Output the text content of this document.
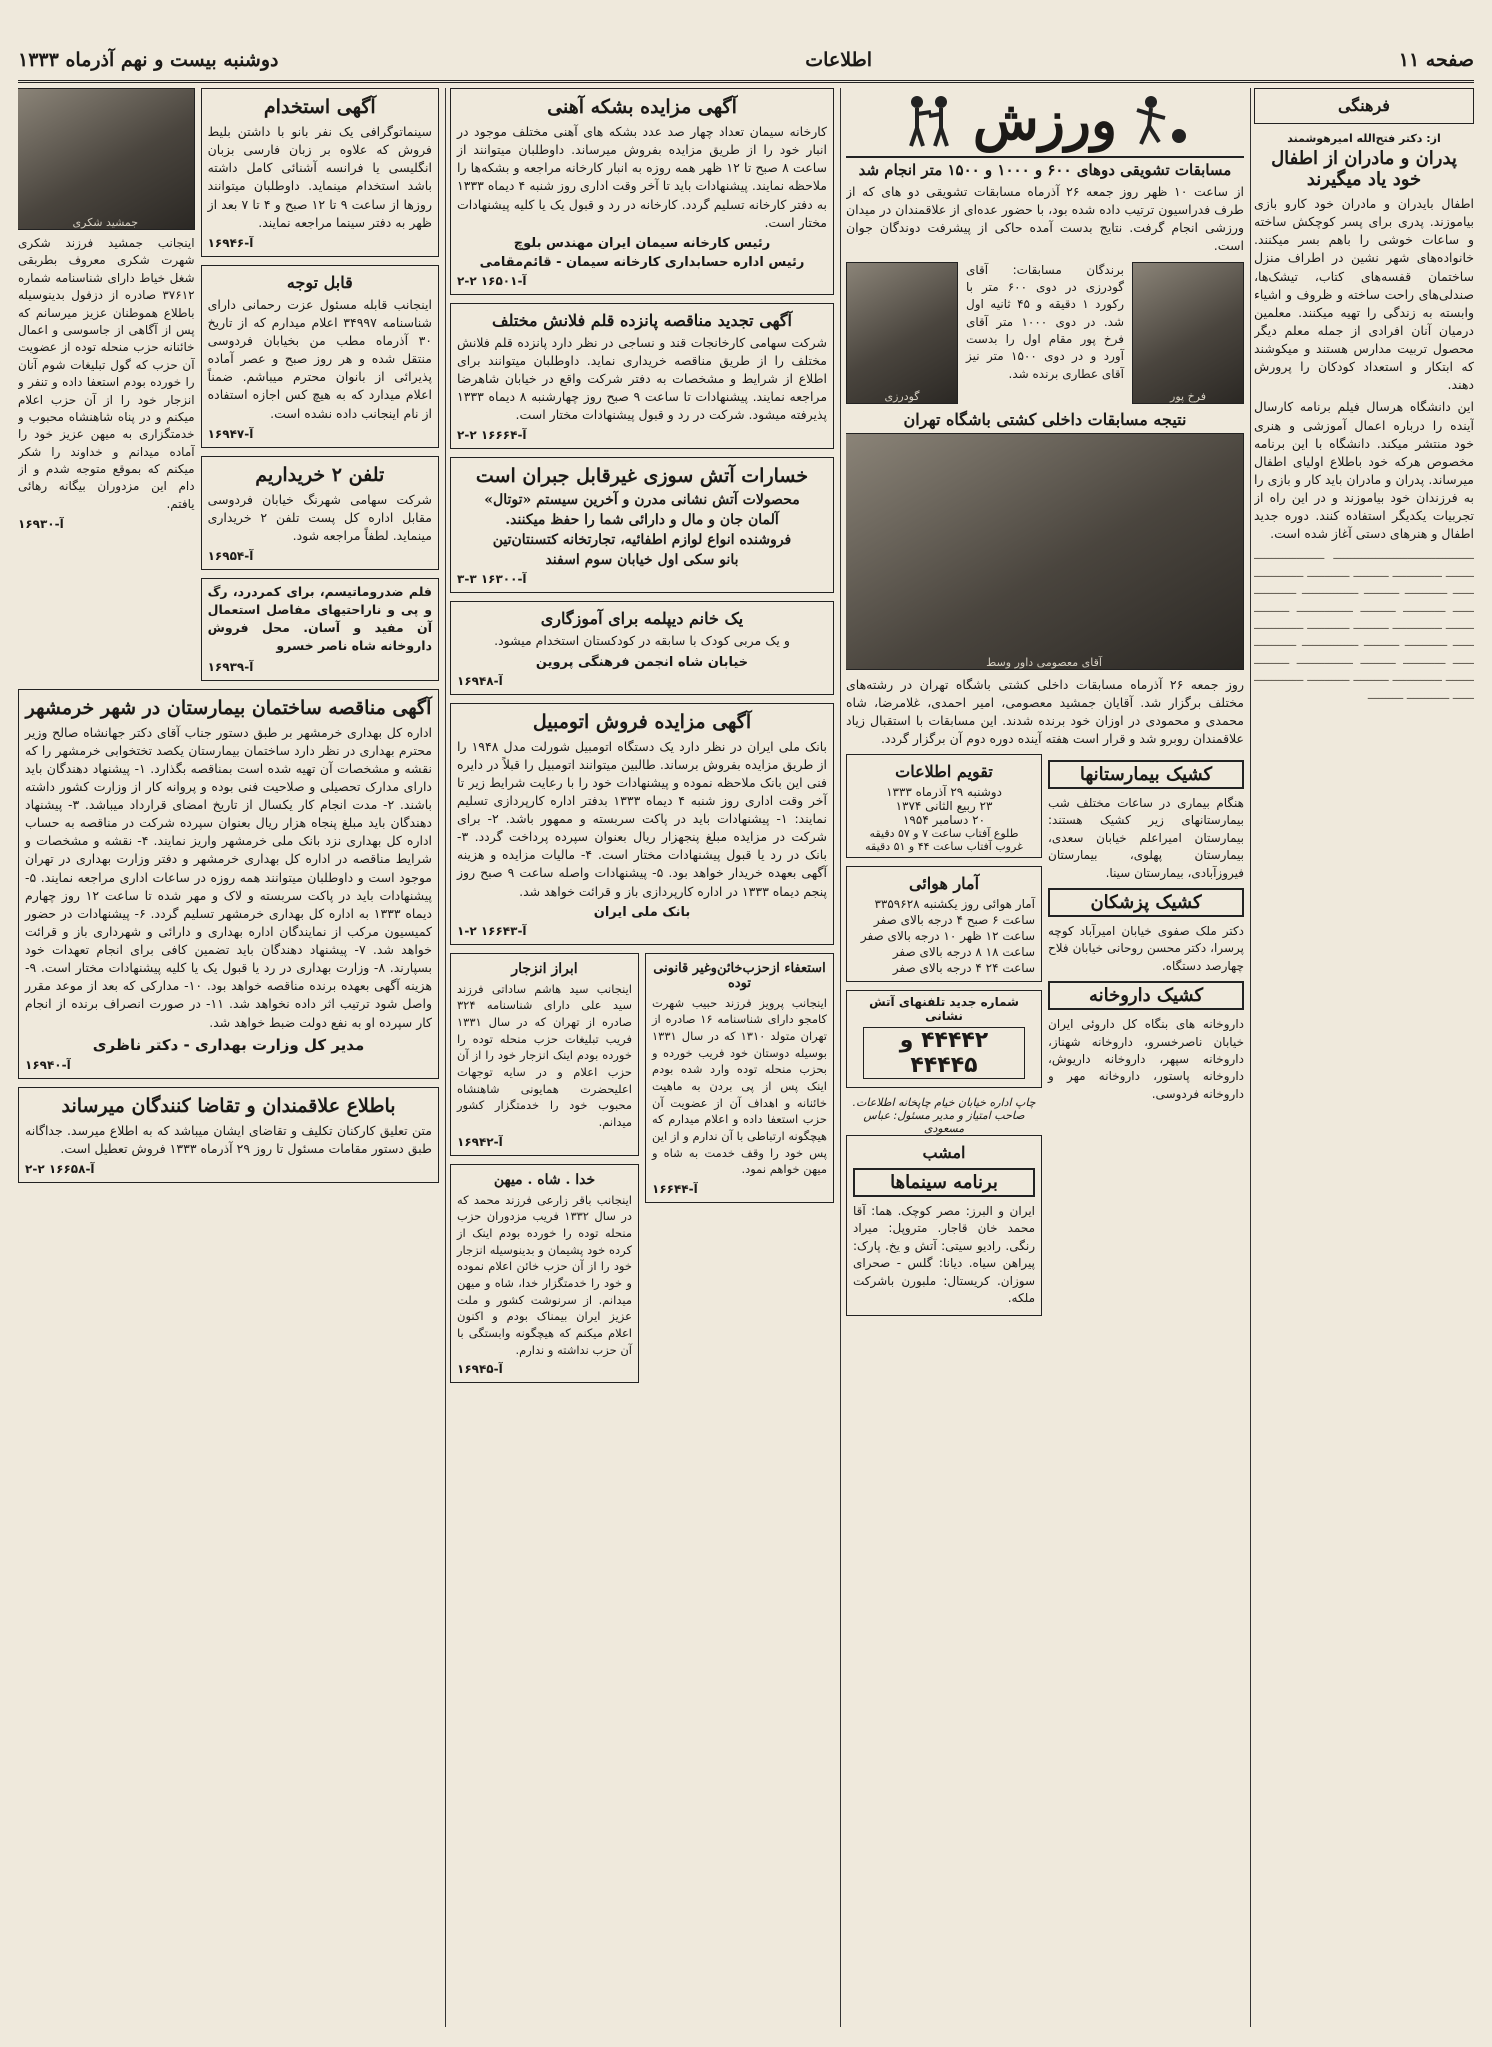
صفحه ۱۱
اطلاعات
دوشنبه بیست و نهم آذرماه ۱۳۳۳
فرهنگی
از: دکتر فتح‌الله امیرهوشمند
پدران و مادران از اطفال خود یاد میگیرند

اطفال بایدران و مادران خود کارو بازی بیاموزند. پدری برای پسر کوچکش ساخته و ساعات خوشی را باهم بسر میکنند. خانواده‌های شهر نشین در اطراف منزل ساختمان قفسه‌های کتاب، تیشک‌ها، صندلی‌های راحت ساخته و ظروف و اشیاء وابسته به زندگی را تهیه میکنند. معلمین درمیان آنان افرادی از جمله معلم دیگر محصول تربیت مدارس هستند و میکوشند که ابتکار و استعداد کودکان را پرورش دهند.

این دانشگاه هرسال فیلم برنامه کارسال آینده را درباره‌ اعمال آموزشی و هنری خود منتشر میکند. دانشگاه با این برنامه مخصوص هرکه خود باطلاع اولیای اطفال میرساند. پدران و مادران باید کار و بازی را به فرزندان خود بیاموزند و در این راه از تجربیات یکدیگر استفاده کنند. دوره جدید اطفال و هنرهای دستی آغاز شده است.

ــــــــــــــــــــــــــــــــــــــــ ــــــــــــــــــــ ــــــــ ــــــــــــــ ــــــــــ ــــــــــــ ــــــــــــــ ــــــ ــــــــــــ ــــــــــ ــــــــــــــــ ــــــــــــ ــــــ ــــــــــــ ــــــــــ ــــــــــــــــ ــــــــــ ــــــــ ــــــــــــــ ــــــــــ ــــــــــــ ــــــــــــــ ــــــ ــــــــــــ ــــــــــ ــــــــــــــــ ــــــــــــ ــــــ ــــــــــــ ــــــــــ ــــــــــــــــ ــــــــــ ــــــــ ــــــــــــــ ــــــــــ ــــــــــــ ــــــــــــــ ــــــ ــــــــــــ ــــــــــ
ورزش
مسابقات تشویقی دوهای ۶۰۰ و ۱۰۰۰ و ۱۵۰۰ متر انجام شد

از ساعت ۱۰ ظهر روز جمعه ۲۶ آذرماه مسابقات تشویقی دو های که از طرف فدراسیون ترتیب داده شده بود، با حضور عده‌ای از علاقمندان در میدان ورزشی انجام گرفت. نتایج بدست آمده حاکی از پیشرفت دوندگان جوان است.

فرخ پور

برندگان مسابقات: آقای گودرزی در دوی ۶۰۰ متر با رکورد ۱ دقیقه و ۴۵ ثانیه اول شد. در دوی ۱۰۰۰ متر آقای فرخ پور مقام اول را بدست آورد و در دوی ۱۵۰۰ متر نیز آقای عطاری برنده شد.

گودرزی
نتیجه مسابقات داخلی کشتی باشگاه تهران
آقای معصومی داور وسط

روز جمعه ۲۶ آذرماه مسابقات داخلی کشتی باشگاه تهران در رشته‌های مختلف برگزار شد. آقایان جمشید معصومی، امیر احمدی، غلامرضا، شاه محمدی و محمودی در اوزان خود برنده شدند. این مسابقات با استقبال زیاد علاقمندان روبرو شد و قرار است هفته آینده دوره دوم آن برگزار گردد.

کشیک بیمارستانها

هنگام بیماری در ساعات مختلف شب بیمارستانهای زیر کشیک هستند: بیمارستان امیراعلم خیابان سعدی، بیمارستان پهلوی، بیمارستان فیروزآبادی، بیمارستان سینا.

کشیک پزشکان

دکتر ملک صفوی خیابان امیرآباد کوچه پرسرا، دکتر محسن روحانی خیابان فلاح چهارصد دستگاه.

کشیک داروخانه

داروخانه های بنگاه کل داروئی ایران خیابان ناصرخسرو، داروخانه شهناز، داروخانه سپهر، داروخانه داریوش، داروخانه پاستور، داروخانه مهر و داروخانه فردوسی.

تقویم اطلاعات
دوشنبه ۲۹ آذرماه ۱۳۳۳
۲۳ ربیع الثانی ۱۳۷۴
۲۰ دسامبر ۱۹۵۴
طلوع آفتاب ساعت ۷ و ۵۷ دقیقه
غروب آفتاب ساعت ۴۴ و ۵۱ دقیقه
آمار هوائی
آمار هوائی روز یکشنبه ۳۳۵۹۶۲۸
ساعت ۶ صبح ۴ درجه بالای صفر
ساعت ۱۲ ظهر ۱۰ درجه بالای صفر
ساعت ۱۸ ۸ درجه بالای صفر
ساعت ۲۴ ۴ درجه بالای صفر
شماره جدید تلفنهای آتش نشانی
۴۴۴۴۲ و ۴۴۴۴۵
چاپ اداره خیابان خیام چاپخانه اطلاعات. صاحب امتیاز و مدیر مسئول: عباس مسعودی
امشب
برنامه سینماها

ایران و البرز: مصر کوچک. هما: آقا محمد خان قاجار. متروپل: میراد رنگی. رادیو سیتی: آتش و یخ. پارک: پیراهن سیاه. دیانا: گلس - صحرای سوزان. کریستال: ملبورن باشرکت ملکه.

آگهی مزایده بشکه آهنی

کارخانه سیمان تعداد چهار صد عدد بشکه های آهنی مختلف موجود در انبار خود را از طریق مزایده بفروش میرساند. داوطلبان میتوانند از ساعت ۸ صبح تا ۱۲ ظهر همه روزه به انبار کارخانه مراجعه و بشکه‌ها را ملاحظه نمایند. پیشنهادات باید تا آخر وقت اداری روز شنبه ۴ دیماه ۱۳۳۳ به دفتر کارخانه تسلیم گردد. کارخانه در رد و قبول یک یا کلیه پیشنهادات مختار است.

رئیس کارخانه سیمان ایران مهندس بلوچ
رئیس اداره حسابداری کارخانه سیمان - قائم‌مقامی
آ-۱۶۵۰۱ ۲-۲
آگهی تجدید مناقصه پانزده قلم فلانش مختلف

شرکت سهامی کارخانجات قند و نساجی در نظر دارد پانزده قلم فلانش مختلف را از طریق مناقصه خریداری نماید. داوطلبان میتوانند برای اطلاع از شرایط و مشخصات به دفتر شرکت واقع در خیابان شاهرضا مراجعه نمایند. پیشنهادات تا ساعت ۹ صبح روز چهارشنبه ۸ دیماه ۱۳۳۳ پذیرفته میشود. شرکت در رد و قبول پیشنهادات مختار است.

آ-۱۶۶۶۴ ۲-۲
خسارات آتش سوزی غیرقابل جبران است
محصولات آتش نشانی مدرن و آخرین سیستم «توتال»
آلمان جان و مال و دارائی شما را حفظ میکنند.
فروشنده انواع لوازم اطفائیه، تجارتخانه کتسنتان‌تین
بانو سکی اول خیابان سوم اسفند
آ-۱۶۳۰۰ ۳-۳
یک خانم دیپلمه برای آموزگاری

و یک مربی کودک با سابقه در کودکستان استخدام میشود.

خیابان شاه انجمن فرهنگی پروین
آ-۱۶۹۴۸
آگهی مزایده فروش اتومبیل

بانک ملی ایران در نظر دارد یک دستگاه اتومبیل شورلت مدل ۱۹۴۸ را از طریق مزایده بفروش برساند. طالبین میتوانند اتومبیل را قبلاً در دایره فنی این بانک ملاحظه نموده و پیشنهادات خود را با رعایت شرایط زیر تا آخر وقت اداری روز شنبه ۴ دیماه ۱۳۳۳ بدفتر اداره کارپردازی تسلیم نمایند: ۱- پیشنهادات باید در پاکت سربسته و ممهور باشد. ۲- برای شرکت در مزایده مبلغ پنجهزار ریال بعنوان سپرده پرداخت گردد. ۳- بانک در رد یا قبول پیشنهادات مختار است. ۴- مالیات مزایده و هزینه آگهی بعهده خریدار خواهد بود. ۵- پیشنهادات واصله ساعت ۹ صبح روز پنجم دیماه ۱۳۳۳ در اداره کارپردازی باز و قرائت خواهد شد.

بانک ملی ایران
آ-۱۶۶۴۳ ۲-۱
استعفاء ازحزب‌خائن‌وغیر قانونی توده

اینجانب پرویز فرزند حبیب شهرت کامجو دارای شناسنامه ۱۶ صادره از تهران متولد ۱۳۱۰ که در سال ۱۳۳۱ بوسیله دوستان خود فریب خورده و بحزب منحله توده وارد شده بودم اینک پس از پی بردن به ماهیت خائنانه و اهداف آن از عضویت آن حزب استعفا داده و اعلام میدارم که هیچگونه ارتباطی با آن ندارم و از این پس خود را وقف خدمت به شاه و میهن خواهم نمود.

آ-۱۶۶۴۴
ابراز انزجار

اینجانب سید هاشم ساداتی فرزند سید علی دارای شناسنامه ۳۲۴ صادره از تهران که در سال ۱۳۳۱ فریب تبلیغات حزب منحله توده را خورده بودم اینک انزجار خود را از آن حزب اعلام و در سایه توجهات اعلیحضرت همایونی شاهنشاه محبوب خود را خدمتگزار کشور میدانم.

آ-۱۶۹۴۲
خدا . شاه . میهن

اینجانب باقر زارعی فرزند محمد که در سال ۱۳۳۲ فریب مزدوران حزب منحله توده را خورده بودم اینک از کرده خود پشیمان و بدینوسیله انزجار خود را از آن حزب خائن اعلام نموده و خود را خدمتگزار خدا، شاه و میهن میدانم. از سرنوشت کشور و ملت عزیز ایران بیمناک بودم و اکنون اعلام میکنم که هیچگونه وابستگی با آن حزب نداشته و ندارم.

آ-۱۶۹۴۵
آگهی استخدام

سینماتوگرافی یک نفر بانو با داشتن بلیط فروش که علاوه بر زبان فارسی بزبان انگلیسی یا فرانسه آشنائی کامل داشته باشد استخدام مینماید. داوطلبان میتوانند روزها از ساعت ۹ تا ۱۲ صبح و ۴ تا ۷ بعد از ظهر به دفتر سینما مراجعه نمایند.

آ-۱۶۹۴۶
قابل توجه

اینجانب قابله مسئول عزت رحمانی دارای شناسنامه ۳۴۹۹۷ اعلام میدارم که از تاریخ ۳۰ آذرماه مطب من بخیابان فردوسی منتقل شده و هر روز صبح و عصر آماده پذیرائی از بانوان محترم میباشم. ضمناً اعلام میدارد که به هیچ کس اجازه استفاده از نام اینجانب داده نشده است.

آ-۱۶۹۴۷
تلفن ۲ خریداریم

شرکت سهامی شهرنگ خیابان فردوسی مقابل اداره کل پست تلفن ۲ خریداری مینماید. لطفاً مراجعه شود.

آ-۱۶۹۵۴

فلم ضدروماتیسم، برای کمردرد، رگ و پی و ناراحتیهای مفاصل استعمال آن مفید و آسان. محل فروش داروخانه شاه ناصر خسرو

آ-۱۶۹۳۹
جمشید شکری

اینجانب جمشید فرزند شکری شهرت شکری معروف بطربقی شغل خیاط دارای شناسنامه شماره ۳۷۶۱۲ صادره از دزفول بدینوسیله باطلاع هموطنان عزیز میرسانم که پس از آگاهی از جاسوسی و اعمال خائنانه حزب منحله توده از عضویت آن حزب که گول تبلیغات شوم آنان را خورده بودم استعفا داده و تنفر و انزجار خود را از آن حزب اعلام میکنم و در پناه شاهنشاه محبوب و خدمتگزاری به میهن عزیز خود را آماده میدانم و خداوند را شکر میکنم که بموقع متوجه شدم و از دام این مزدوران بیگانه رهائی یافتم.

آ-۱۶۹۳۰
آگهی مناقصه ساختمان بیمارستان در شهر خرمشهر

اداره کل بهداری خرمشهر بر طبق دستور جناب آقای دکتر جهانشاه صالح وزیر محترم بهداری در نظر دارد ساختمان بیمارستان یکصد تختخوابی خرمشهر را که نقشه و مشخصات آن تهیه شده است بمناقصه بگذارد. ۱- پیشنهاد دهندگان باید دارای مدارک تحصیلی و صلاحیت فنی بوده و پروانه کار از وزارت کشور داشته باشند. ۲- مدت انجام کار یکسال از تاریخ امضای قرارداد میباشد. ۳- پیشنهاد دهندگان باید مبلغ پنجاه هزار ریال بعنوان سپرده شرکت در مناقصه به حساب اداره کل بهداری نزد بانک ملی خرمشهر واریز نمایند. ۴- نقشه و مشخصات و شرایط مناقصه در اداره کل بهداری خرمشهر و دفتر وزارت بهداری در تهران موجود است و داوطلبان میتوانند همه روزه در ساعات اداری مراجعه نمایند. ۵- پیشنهادات باید در پاکت سربسته و لاک و مهر شده تا ساعت ۱۲ روز چهارم دیماه ۱۳۳۳ به اداره کل بهداری خرمشهر تسلیم گردد. ۶- پیشنهادات در حضور کمیسیون مرکب از نمایندگان اداره بهداری و دارائی و شهرداری باز و قرائت خواهد شد. ۷- پیشنهاد دهندگان باید تضمین کافی برای انجام تعهدات خود بسپارند. ۸- وزارت بهداری در رد یا قبول یک یا کلیه پیشنهادات مختار است. ۹- هزینه آگهی بعهده برنده مناقصه خواهد بود. ۱۰- مدارکی که بعد از موعد مقرر واصل شود ترتیب اثر داده نخواهد شد. ۱۱- در صورت انصراف برنده از انجام کار سپرده او به نفع دولت ضبط خواهد شد.

مدیر کل وزارت بهداری - دکتر ناظری
آ-۱۶۹۴۰
باطلاع علاقمندان و تقاضا کنندگان میرساند

متن تعلیق کارکنان تکلیف و تقاضای ایشان میباشد که به اطلاع میرسد. جداگانه طبق دستور مقامات مسئول تا روز ۲۹ آذرماه ۱۳۳۳ فروش تعطیل است.

آ-۱۶۶۵۸ ۲-۲
